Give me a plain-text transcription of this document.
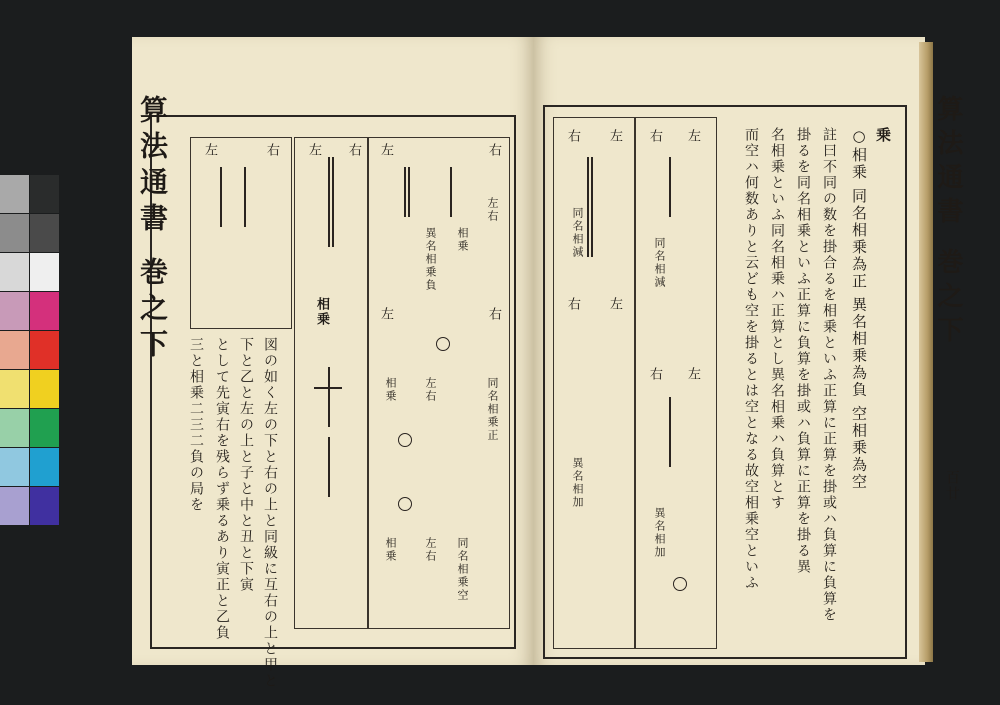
算法通書 巻之下	左	右 左 右	右
左
左	右
相乗
異名相乗負 相乗
左右
相乗 左右	同名相乗正
相乗 左右 同名相乗空
図の如く左の下と右の上と同級に互右の上と甲と
下と乙と左の上と子と中と丑と下寅
として先寅右を残らず乗るあり寅正と乙負
三と相乗二三二負の局を
乗
○相乗 同名相乗為正 異名相乗為負 空相乗為空
註曰不同の数を掛合るを相乗といふ正算に正算を掛或ハ負算に負算を
掛るを同名相乗といふ正算に負算を掛或ハ負算に正算を掛る異
名相乗といふ同名相乗ハ正算とし異名相乗ハ負算とす
而空ハ何数ありと云ども空を掛るとは空となる故空相乗空といふ
右 左 右 左
右 左
右 左
同名相減
異名相加
同名相減
異名相加
算法通書 巻之下
百廿
